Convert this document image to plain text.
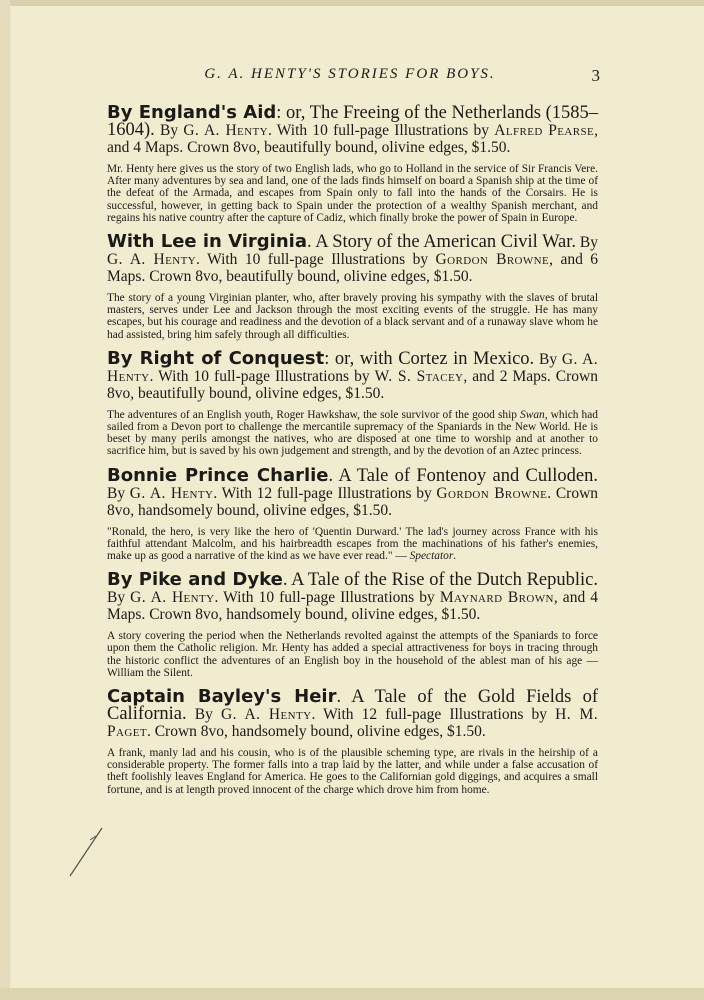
G. A. HENTY'S STORIES FOR BOYS.	3

By England's Aid: or, The Freeing of the Netherlands (1585–1604). By G. A. Henty. With 10 full-page Illustrations by Alfred Pearse, and 4 Maps. Crown 8vo, beautifully bound, olivine edges, $1.50.

Mr. Henty here gives us the story of two English lads, who go to Holland in the service of Sir Francis Vere. After many adventures by sea and land, one of the lads finds himself on board a Spanish ship at the time of the defeat of the Armada, and escapes from Spain only to fall into the hands of the Corsairs. He is successful, however, in getting back to Spain under the protection of a wealthy Spanish merchant, and regains his native country after the capture of Cadiz, which finally broke the power of Spain in Europe.

With Lee in Virginia. A Story of the American Civil War. By G. A. Henty. With 10 full-page Illustrations by Gordon Browne, and 6 Maps. Crown 8vo, beautifully bound, olivine edges, $1.50.

The story of a young Virginian planter, who, after bravely proving his sympathy with the slaves of brutal masters, serves under Lee and Jackson through the most exciting events of the struggle. He has many escapes, but his courage and readiness and the devotion of a black servant and of a runaway slave whom he had assisted, bring him safely through all difficulties.

By Right of Conquest: or, with Cortez in Mexico. By G. A. Henty. With 10 full-page Illustrations by W. S. Stacey, and 2 Maps. Crown 8vo, beautifully bound, olivine edges, $1.50.

The adventures of an English youth, Roger Hawkshaw, the sole survivor of the good ship Swan, which had sailed from a Devon port to challenge the mercantile supremacy of the Spaniards in the New World. He is beset by many perils amongst the natives, who are disposed at one time to worship and at another to sacrifice him, but is saved by his own judgement and strength, and by the devotion of an Aztec princess.

Bonnie Prince Charlie. A Tale of Fontenoy and Culloden. By G. A. Henty. With 12 full-page Illustrations by Gordon Browne. Crown 8vo, handsomely bound, olivine edges, $1.50.

"Ronald, the hero, is very like the hero of 'Quentin Durward.' The lad's journey across France with his faithful attendant Malcolm, and his hairbreadth escapes from the machinations of his father's enemies, make up as good a narrative of the kind as we have ever read." — Spectator.

By Pike and Dyke. A Tale of the Rise of the Dutch Republic. By G. A. Henty. With 10 full-page Illustrations by Maynard Brown, and 4 Maps. Crown 8vo, handsomely bound, olivine edges, $1.50.

A story covering the period when the Netherlands revolted against the attempts of the Spaniards to force upon them the Catholic religion. Mr. Henty has added a special attractiveness for boys in tracing through the historic conflict the adventures of an English boy in the household of the ablest man of his age — William the Silent.

Captain Bayley's Heir. A Tale of the Gold Fields of California. By G. A. Henty. With 12 full-page Illustrations by H. M. Paget. Crown 8vo, handsomely bound, olivine edges, $1.50.

A frank, manly lad and his cousin, who is of the plausible scheming type, are rivals in the heirship of a considerable property. The former falls into a trap laid by the latter, and while under a false accusation of theft foolishly leaves England for America. He goes to the Californian gold diggings, and acquires a small fortune, and is at length proved innocent of the charge which drove him from home.
